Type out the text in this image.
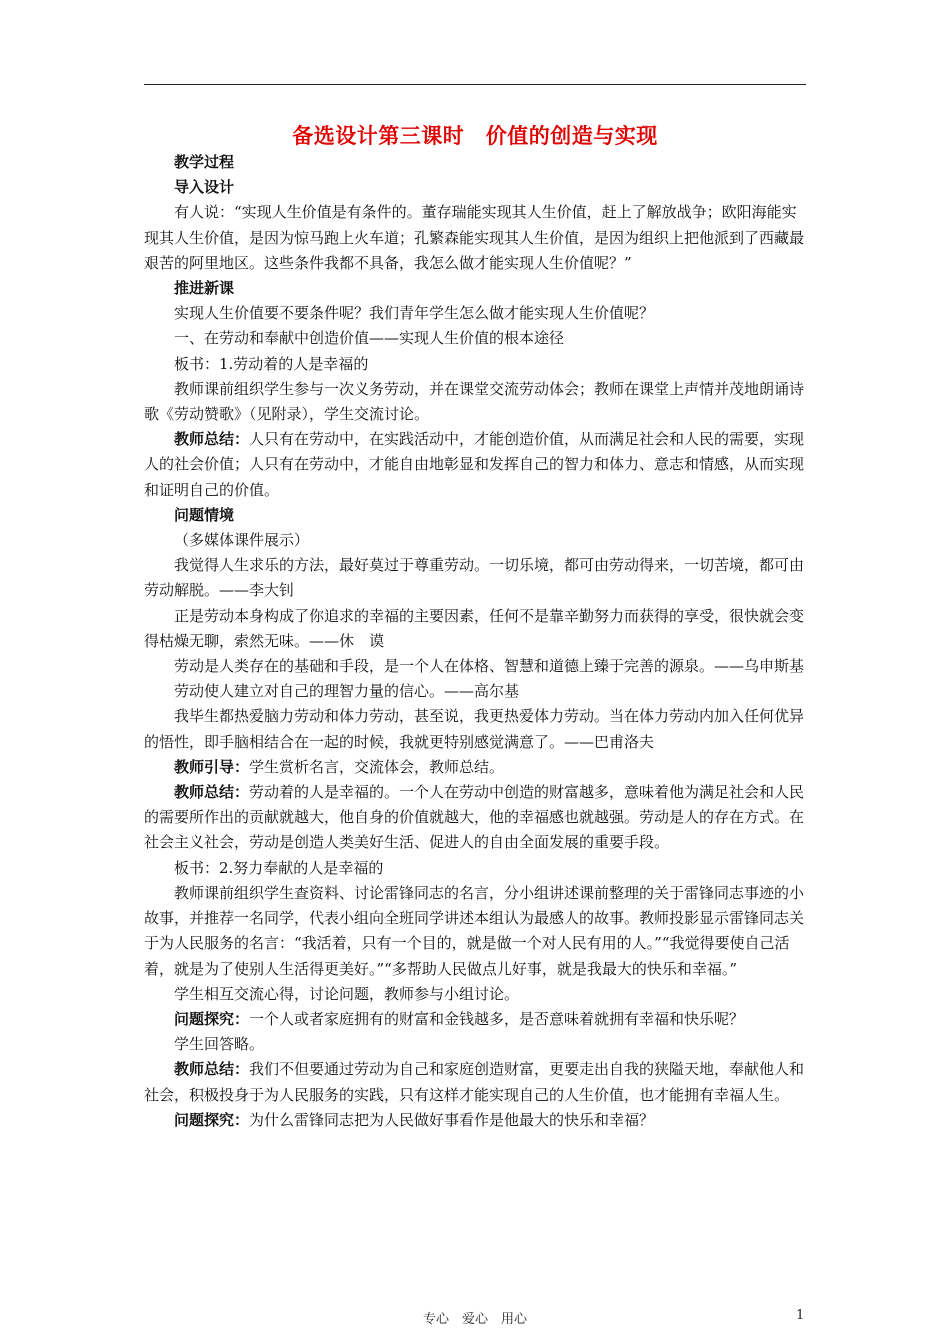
备选设计第三课时　价值的创造与实现

教学过程

导入设计

有人说：“实现人生价值是有条件的。董存瑞能实现其人生价值，赶上了解放战争；欧阳海能实现其人生价值，是因为惊马跑上火车道；孔繁森能实现其人生价值，是因为组织上把他派到了西藏最艰苦的阿里地区。这些条件我都不具备，我怎么做才能实现人生价值呢？”

推进新课

实现人生价值要不要条件呢？我们青年学生怎么做才能实现人生价值呢？

一、在劳动和奉献中创造价值——实现人生价值的根本途径

板书：1.劳动着的人是幸福的

教师课前组织学生参与一次义务劳动，并在课堂交流劳动体会；教师在课堂上声情并茂地朗诵诗歌《劳动赞歌》（见附录），学生交流讨论。

教师总结：人只有在劳动中，在实践活动中，才能创造价值，从而满足社会和人民的需要，实现人的社会价值；人只有在劳动中，才能自由地彰显和发挥自己的智力和体力、意志和情感，从而实现和证明自己的价值。

问题情境

（多媒体课件展示）

我觉得人生求乐的方法，最好莫过于尊重劳动。一切乐境，都可由劳动得来，一切苦境，都可由劳动解脱。——李大钊

正是劳动本身构成了你追求的幸福的主要因素，任何不是靠辛勤努力而获得的享受，很快就会变得枯燥无聊，索然无味。——休　谟

劳动是人类存在的基础和手段，是一个人在体格、智慧和道德上臻于完善的源泉。——乌申斯基

劳动使人建立对自己的理智力量的信心。——高尔基

我毕生都热爱脑力劳动和体力劳动，甚至说，我更热爱体力劳动。当在体力劳动内加入任何优异的悟性，即手脑相结合在一起的时候，我就更特别感觉满意了。——巴甫洛夫

教师引导：学生赏析名言，交流体会，教师总结。

教师总结：劳动着的人是幸福的。一个人在劳动中创造的财富越多，意味着他为满足社会和人民的需要所作出的贡献就越大，他自身的价值就越大，他的幸福感也就越强。劳动是人的存在方式。在社会主义社会，劳动是创造人类美好生活、促进人的自由全面发展的重要手段。

板书：2.努力奉献的人是幸福的

教师课前组织学生查资料、讨论雷锋同志的名言，分小组讲述课前整理的关于雷锋同志事迹的小故事，并推荐一名同学，代表小组向全班同学讲述本组认为最感人的故事。教师投影显示雷锋同志关于为人民服务的名言：“我活着，只有一个目的，就是做一个对人民有用的人。”“我觉得要使自己活着，就是为了使别人生活得更美好。”“多帮助人民做点儿好事，就是我最大的快乐和幸福。”

学生相互交流心得，讨论问题，教师参与小组讨论。

问题探究：一个人或者家庭拥有的财富和金钱越多，是否意味着就拥有幸福和快乐呢？

学生回答略。

教师总结：我们不但要通过劳动为自己和家庭创造财富，更要走出自我的狭隘天地，奉献他人和社会，积极投身于为人民服务的实践，只有这样才能实现自己的人生价值，也才能拥有幸福人生。

问题探究：为什么雷锋同志把为人民做好事看作是他最大的快乐和幸福？

专心　爱心　用心	1
